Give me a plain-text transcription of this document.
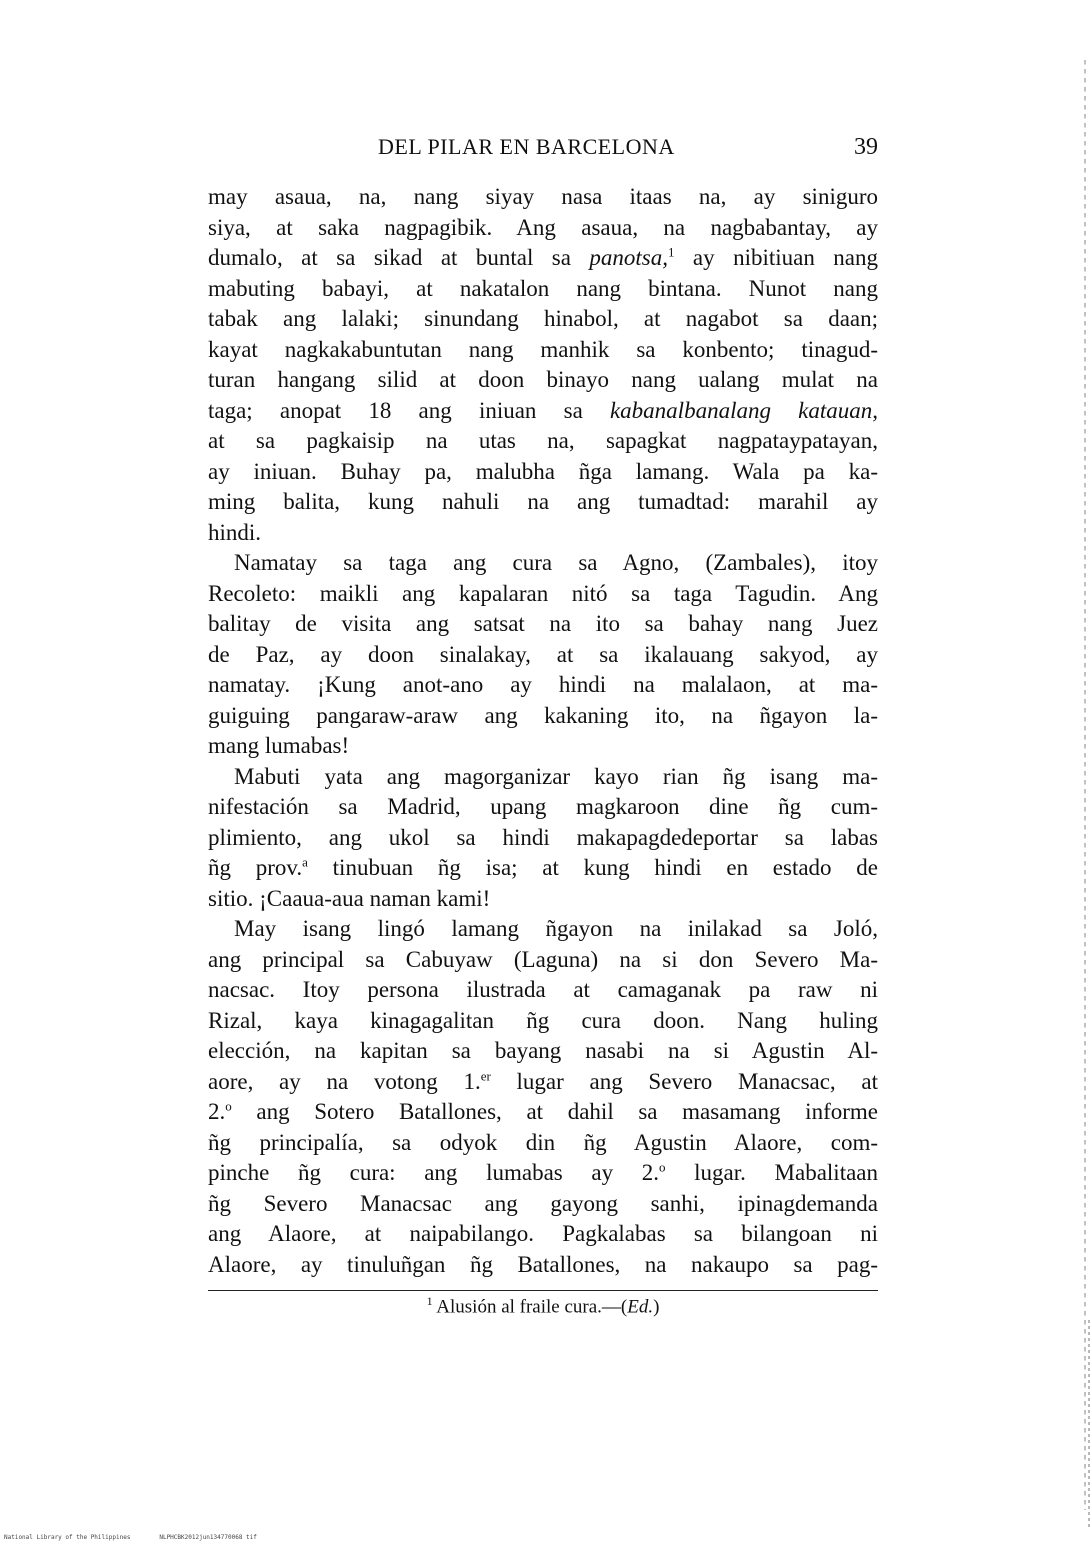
DEL PILAR EN BARCELONA	39
may asaua, na, nang siyay nasa itaas na, ay siniguro
siya, at saka nagpagibik. Ang asaua, na nagbabantay, ay
dumalo, at sa sikad at buntal sa panotsa,$^1$ ay nibitiuan nang
mabuting babayi, at nakatalon nang bintana. Nunot nang
tabak ang lalaki; sinundang hinabol, at nagabot sa daan;
kayat nagkakabuntutan nang manhik sa konbento; tinagud-
turan hangang silid at doon binayo nang ualang mulat na
taga; anopat 18 ang iniuan sa kabanalbanalang katauan,
at sa pagkaisip na utas na, sapagkat nagpataypatayan,
ay iniuan. Buhay pa, malubha ñga lamang. Wala pa ka-
ming balita, kung nahuli na ang tumadtad: marahil ay
hindi.
Namatay sa taga ang cura sa Agno, (Zambales), itoy
Recoleto: maikli ang kapalaran nitó sa taga Tagudin. Ang
balitay de visita ang satsat na ito sa bahay nang Juez
de Paz, ay doon sinalakay, at sa ikalauang sakyod, ay
namatay. ¡Kung anot-ano ay hindi na malalaon, at ma-
guiguing pangaraw-araw ang kakaning ito, na ñgayon la-
mang lumabas!
Mabuti yata ang magorganizar kayo rian ñg isang ma-
nifestación sa Madrid, upang magkaroon dine ñg cum-
plimiento, ang ukol sa hindi makapagdedeportar sa labas
ñg prov.$^a$ tinubuan ñg isa; at kung hindi en estado de
sitio. ¡Caaua-aua naman kami!
May isang lingó lamang ñgayon na inilakad sa Joló,
ang principal sa Cabuyaw (Laguna) na si don Severo Ma-
nacsac. Itoy persona ilustrada at camaganak pa raw ni
Rizal, kaya kinagagalitan ñg cura doon. Nang huling
elección, na kapitan sa bayang nasabi na si Agustin Al-
aore, ay na votong 1.$^{er}$ lugar ang Severo Manacsac, at
2.$^o$ ang Sotero Batallones, at dahil sa masamang informe
ñg principalía, sa odyok din ñg Agustin Alaore, com-
pinche ñg cura: ang lumabas ay 2.$^o$ lugar. Mabalitaan
ñg Severo Manacsac ang gayong sanhi, ipinagdemanda
ang Alaore, at naipabilango. Pagkalabas sa bilangoan ni
Alaore, ay tinuluñgan ñg Batallones, na nakaupo sa pag-
$^1$ Alusión al fraile cura.—(Ed.)
National Library of the Philippines	NLPHCBK2012jun134770068 tif
